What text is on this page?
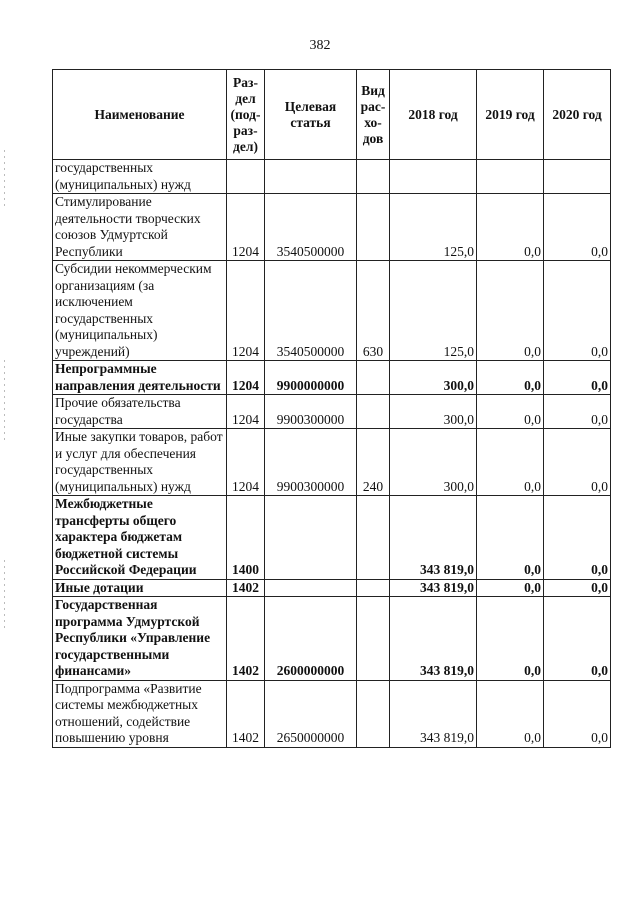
382
Наименование	Раз-дел (под-раз-дел)	Целевая статья	Вид рас-хо-дов	2018 год	2019 год	2020 год
государственных (муниципальных) нужд						
Стимулирование деятельности творческих союзов Удмуртской Республики	1204	3540500000		125,0	0,0	0,0
Субсидии некоммерческим организациям (за исключением государственных (муниципальных) учреждений)	1204	3540500000	630	125,0	0,0	0,0
Непрограммные направления деятельности	1204	9900000000		300,0	0,0	0,0
Прочие обязательства государства	1204	9900300000		300,0	0,0	0,0
Иные закупки товаров, работ и услуг для обеспечения государственных (муниципальных) нужд	1204	9900300000	240	300,0	0,0	0,0
Межбюджетные трансферты общего характера бюджетам бюджетной системы Российской Федерации	1400			343 819,0	0,0	0,0
Иные дотации	1402			343 819,0	0,0	0,0
Государственная программа Удмуртской Республики «Управление государственными финансами»	1402	2600000000		343 819,0	0,0	0,0
Подпрограмма «Развитие системы межбюджетных отношений, содействие повышению уровня	1402	2650000000		343 819,0	0,0	0,0
